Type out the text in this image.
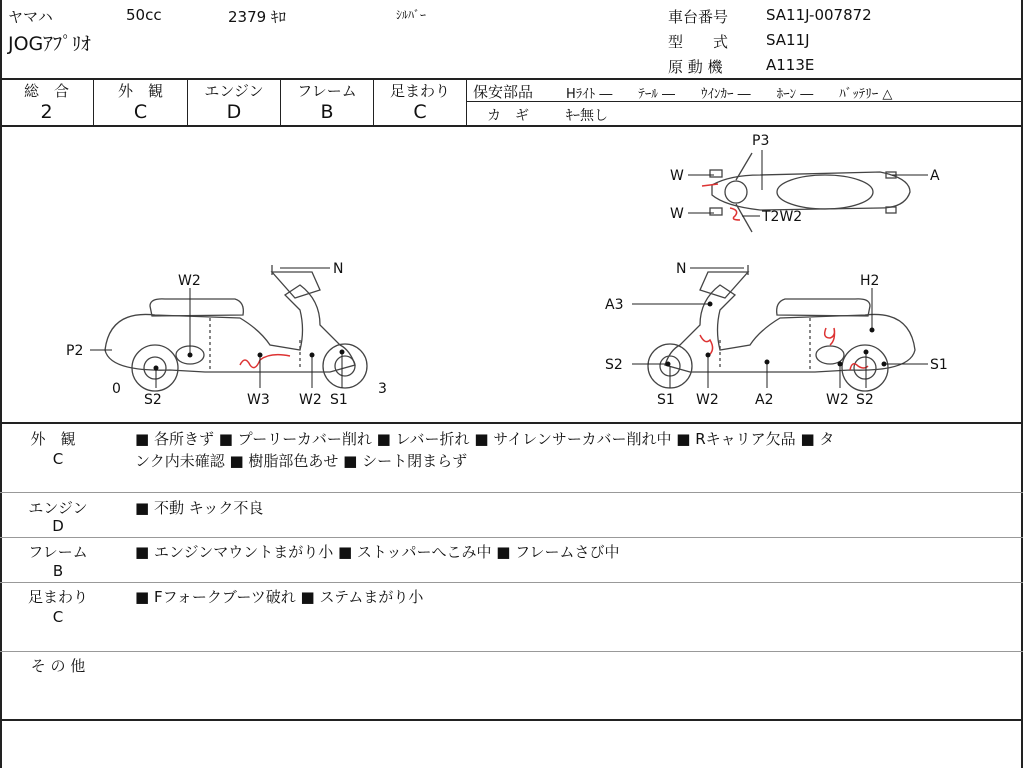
ヤマハ	50cc	2379 ｷﾛ	ｼﾙﾊﾞｰ
JOGｱﾌﾟﾘｵ
車台番号	SA11J-007872
型　　式	SA11J
原 動 機	A113E
総　合
2
外　観
C
エンジン
D
フレーム
B
足まわり
C
保安部品	Hﾗｲﾄ ―　　ﾃｰﾙ ―　　ｳｲﾝｶｰ ―　　ﾎｰﾝ ―　　ﾊﾞｯﾃﾘｰ △
カ　ギ	ｷｰ無し
W2
N
P2
0
S2	W3 W2 S1
3
P3
W	A
W	T2W2
N
H2
A3
S2	S1
W2	A2	W2 S2
S1
外　観
C
■ 各所きず ■ プーリーカバー削れ ■ レバー折れ ■ サイレンサーカバー削れ中 ■ Rキャリア欠品 ■ タ
ンク内未確認 ■ 樹脂部色あせ ■ シート閉まらず
エンジン
D
■ 不動 キック不良
フレーム
B
■ エンジンマウントまがり小 ■ ストッパーへこみ中 ■ フレームさび中
足まわり
C
■ Fフォークブーツ破れ ■ ステムまがり小
そ の 他
